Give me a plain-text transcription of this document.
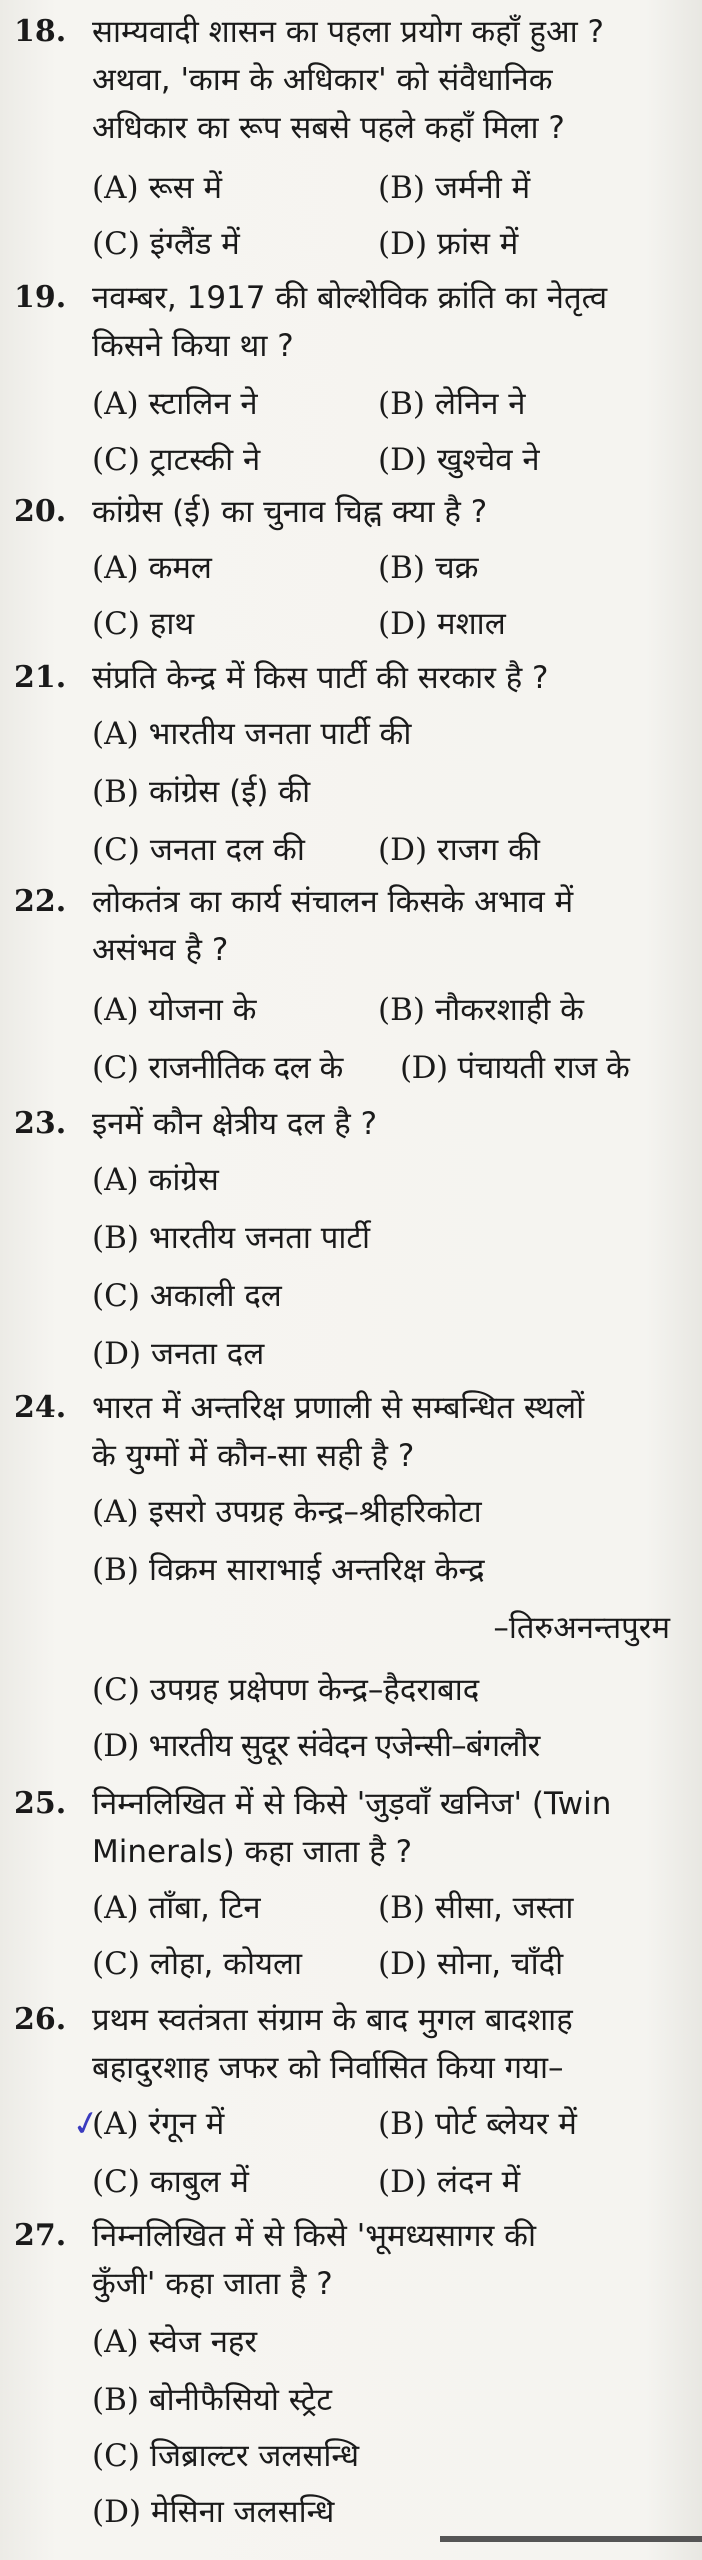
18. साम्यवादी शासन का पहला प्रयोग कहाँ हुआ ?
अथवा, 'काम के अधिकार' को संवैधानिक
अधिकार का रूप सबसे पहले कहाँ मिला ?
(A) रूस में	(B) जर्मनी में
(C) इंग्लैंड में	(D) फ्रांस में
19. नवम्बर, 1917 की बोल्शेविक क्रांति का नेतृत्व
किसने किया था ?
(A) स्टालिन ने	(B) लेनिन ने
(C) ट्राटस्की ने	(D) खुश्चेव ने
20. कांग्रेस (ई) का चुनाव चिह्न क्या है ?
(A) कमल	(B) चक्र
(C) हाथ	(D) मशाल
21. संप्रति केन्द्र में किस पार्टी की सरकार है ?
(A) भारतीय जनता पार्टी की
(B) कांग्रेस (ई) की
(C) जनता दल की (D) राजग की
22. लोकतंत्र का कार्य संचालन किसके अभाव में
असंभव है ?
(A) योजना के	(B) नौकरशाही के
(C) राजनीतिक दल के (D) पंचायती राज के
23. इनमें कौन क्षेत्रीय दल है ?
(A) कांग्रेस
(B) भारतीय जनता पार्टी
(C) अकाली दल
(D) जनता दल
24. भारत में अन्तरिक्ष प्रणाली से सम्बन्धित स्थलों
के युग्मों में कौन-सा सही है ?
(A) इसरो उपग्रह केन्द्र–श्रीहरिकोटा
(B) विक्रम साराभाई अन्तरिक्ष केन्द्र
–तिरुअनन्तपुरम
(C) उपग्रह प्रक्षेपण केन्द्र–हैदराबाद
(D) भारतीय सुदूर संवेदन एजेन्सी–बंगलौर
25. निम्नलिखित में से किसे 'जुड़वाँ खनिज' (Twin
Minerals) कहा जाता है ?
(A) ताँबा, टिन	(B) सीसा, जस्ता
(C) लोहा, कोयला (D) सोना, चाँदी
26. प्रथम स्वतंत्रता संग्राम के बाद मुगल बादशाह
बहादुरशाह जफर को निर्वासित किया गया–
✓
(A) रंगून में	(B) पोर्ट ब्लेयर में
(C) काबुल में	(D) लंदन में
27. निम्नलिखित में से किसे 'भूमध्यसागर की
कुँजी' कहा जाता है ?
(A) स्वेज नहर
(B) बोनीफैसियो स्ट्रेट
(C) जिब्राल्टर जलसन्धि
(D) मेसिना जलसन्धि
